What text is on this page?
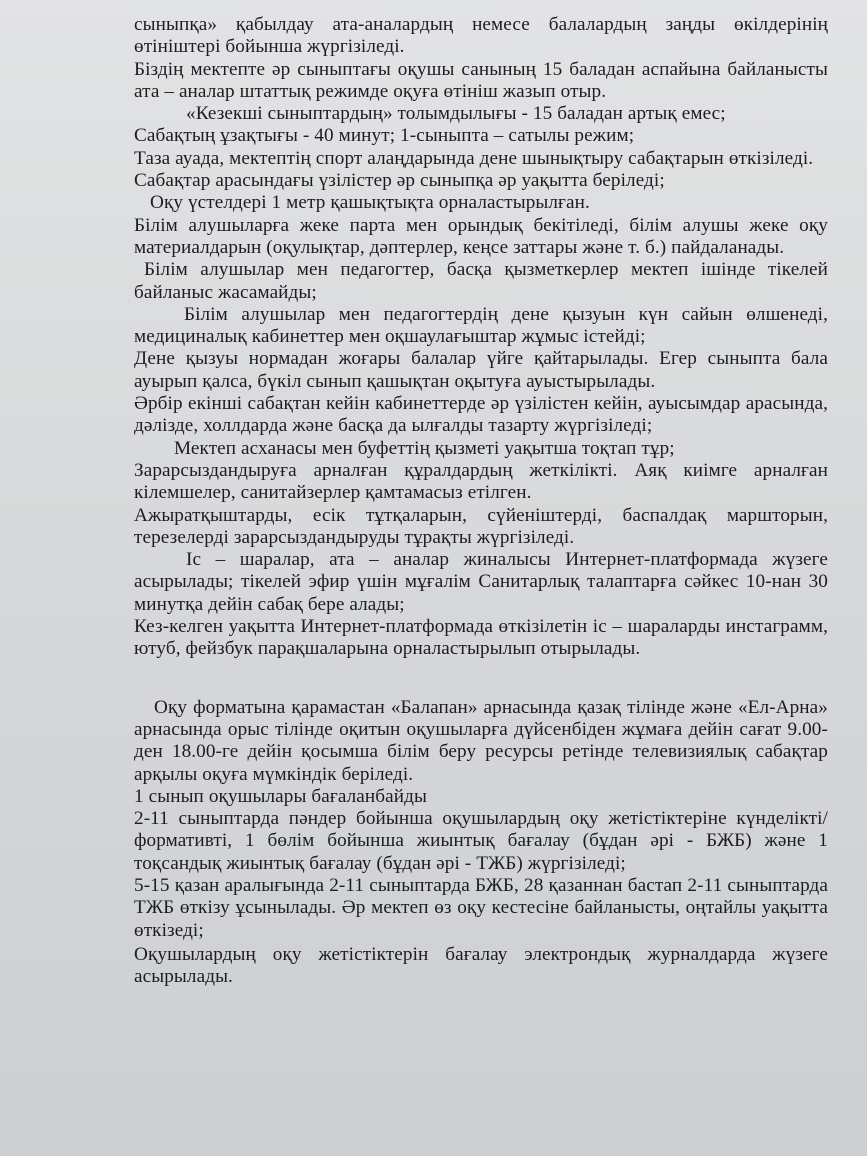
сыныпқа» қабылдау ата-аналардың немесе балалардың заңды өкілдерінің өтініштері бойынша жүргізіледі.

Біздің мектепте әр сыныптағы оқушы санының 15 баладан аспайына байланысты ата – аналар штаттық режимде оқуға өтініш жазып отыр.

«Кезекші сыныптардың» толымдылығы - 15 баладан артық емес;

Сабақтың ұзақтығы - 40 минут; 1-сыныпта – сатылы режим;

Таза ауада, мектептің спорт алаңдарында дене шынықтыру сабақтарын өткізіледі.

Сабақтар арасындағы үзілістер әр сыныпқа әр уақытта беріледі;

Оқу үстелдері 1 метр қашықтықта орналастырылған.

Білім алушыларға жеке парта мен орындық бекітіледі, білім алушы жеке оқу материалдарын (оқулықтар, дәптерлер, кеңсе заттары және т. б.) пайдаланады.

Білім алушылар мен педагогтер, басқа қызметкерлер мектеп ішінде тікелей байланыс жасамайды;

Білім алушылар мен педагогтердің дене қызуын күн сайын өлшенеді, медициналық кабинеттер мен оқшаулағыштар жұмыс істейді;

Дене қызуы нормадан жоғары балалар үйге қайтарылады. Егер сыныпта бала ауырып қалса, бүкіл сынып қашықтан оқытуға ауыстырылады.

Әрбір екінші сабақтан кейін кабинеттерде әр үзілістен кейін, ауысымдар арасында, дәлізде, холлдарда және басқа да ылғалды тазарту жүргізіледі;

Мектеп асханасы мен буфеттің қызметі уақытша тоқтап тұр;

Зарарсыздандыруға арналған құралдардың жеткілікті. Аяқ киімге арналған кілемшелер, санитайзерлер қамтамасыз етілген.

Ажыратқыштарды, есік тұтқаларын, сүйеніштерді, баспалдақ маршторын, терезелерді зарарсыздандыруды тұрақты жүргізіледі.

Іс – шаралар, ата – аналар жиналысы Интернет-платформада жүзеге асырылады; тікелей эфир үшін мұғалім Санитарлық талаптарға сәйкес 10-нан 30 минутқа дейін сабақ бере алады;

Кез-келген уақытта Интернет-платформада өткізілетін іс – шараларды инстаграмм, ютуб, фейзбук парақшаларына орналастырылып отырылады.

Оқу форматына қарамастан «Балапан» арнасында қазақ тілінде және «Ел-Арна» арнасында орыс тілінде оқитын оқушыларға дүйсенбіден жұмаға дейін сағат 9.00-ден 18.00-ге дейін қосымша білім беру ресурсы ретінде телевизиялық сабақтар арқылы оқуға мүмкіндік беріледі.

1 сынып оқушылары бағаланбайды

2-11 сыныптарда пәндер бойынша оқушылардың оқу жетістіктеріне күнделікті/формативті, 1 бөлім бойынша жиынтық бағалау (бұдан әрі - БЖБ) және 1 тоқсандық жиынтық бағалау (бұдан әрі - ТЖБ) жүргізіледі;

5-15 қазан аралығында 2-11 сыныптарда БЖБ, 28 қазаннан бастап 2-11 сыныптарда ТЖБ өткізу ұсынылады. Әр мектеп өз оқу кестесіне байланысты, оңтайлы уақытта өткізеді;

Оқушылардың оқу жетістіктерін бағалау электрондық журналдарда жүзеге асырылады.
